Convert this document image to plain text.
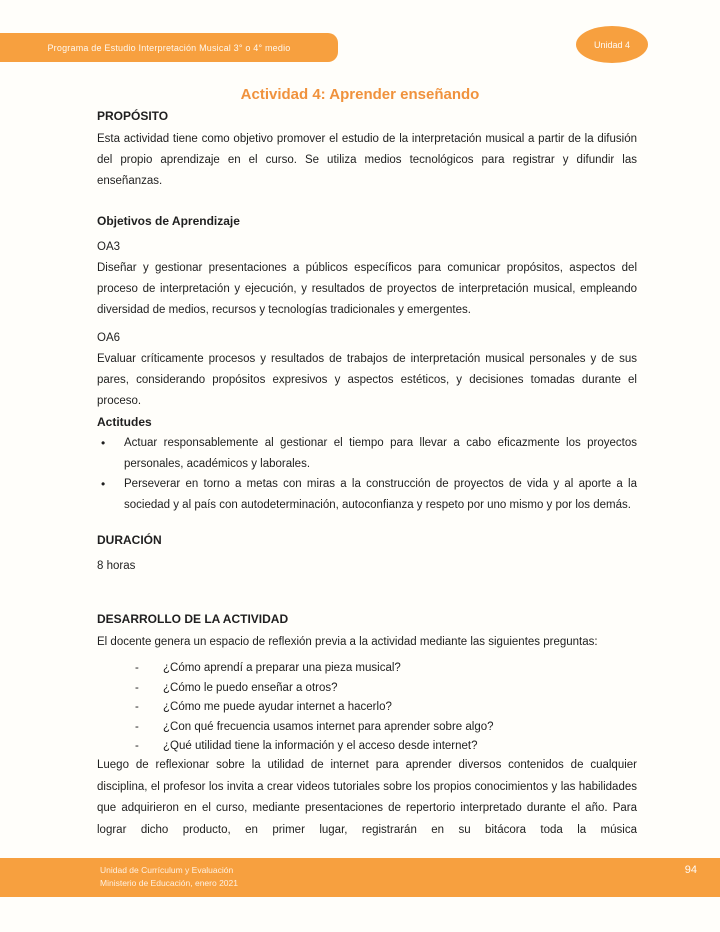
Programa de Estudio Interpretación Musical 3° o 4° medio	Unidad 4
Actividad 4: Aprender enseñando
PROPÓSITO

Esta actividad tiene como objetivo promover el estudio de la interpretación musical a partir de la difusión del propio aprendizaje en el curso. Se utiliza medios tecnológicos para registrar y difundir las enseñanzas.

Objetivos de Aprendizaje

OA3

Diseñar y gestionar presentaciones a públicos específicos para comunicar propósitos, aspectos del proceso de interpretación y ejecución, y resultados de proyectos de interpretación musical, empleando diversidad de medios, recursos y tecnologías tradicionales y emergentes.

OA6

Evaluar críticamente procesos y resultados de trabajos de interpretación musical personales y de sus pares, considerando propósitos expresivos y aspectos estéticos, y decisiones tomadas durante el proceso.

Actitudes
• Actuar responsablemente al gestionar el tiempo para llevar a cabo eficazmente los proyectos personales, académicos y laborales.
• Perseverar en torno a metas con miras a la construcción de proyectos de vida y al aporte a la sociedad y al país con autodeterminación, autoconfianza y respeto por uno mismo y por los demás.
DURACIÓN

8 horas

DESARROLLO DE LA ACTIVIDAD

El docente genera un espacio de reflexión previa a la actividad mediante las siguientes preguntas:

- ¿Cómo aprendí a preparar una pieza musical?
- ¿Cómo le puedo enseñar a otros?
- ¿Cómo me puede ayudar internet a hacerlo?
- ¿Con qué frecuencia usamos internet para aprender sobre algo?
- ¿Qué utilidad tiene la información y el acceso desde internet?

Luego de reflexionar sobre la utilidad de internet para aprender diversos contenidos de cualquier disciplina, el profesor los invita a crear videos tutoriales sobre los propios conocimientos y las habilidades que adquirieron en el curso, mediante presentaciones de repertorio interpretado durante el año. Para lograr dicho producto, en primer lugar, registrarán en su bitácora toda la música

Unidad de Currículum y Evaluación
Ministerio de Educación, enero 2021
94
